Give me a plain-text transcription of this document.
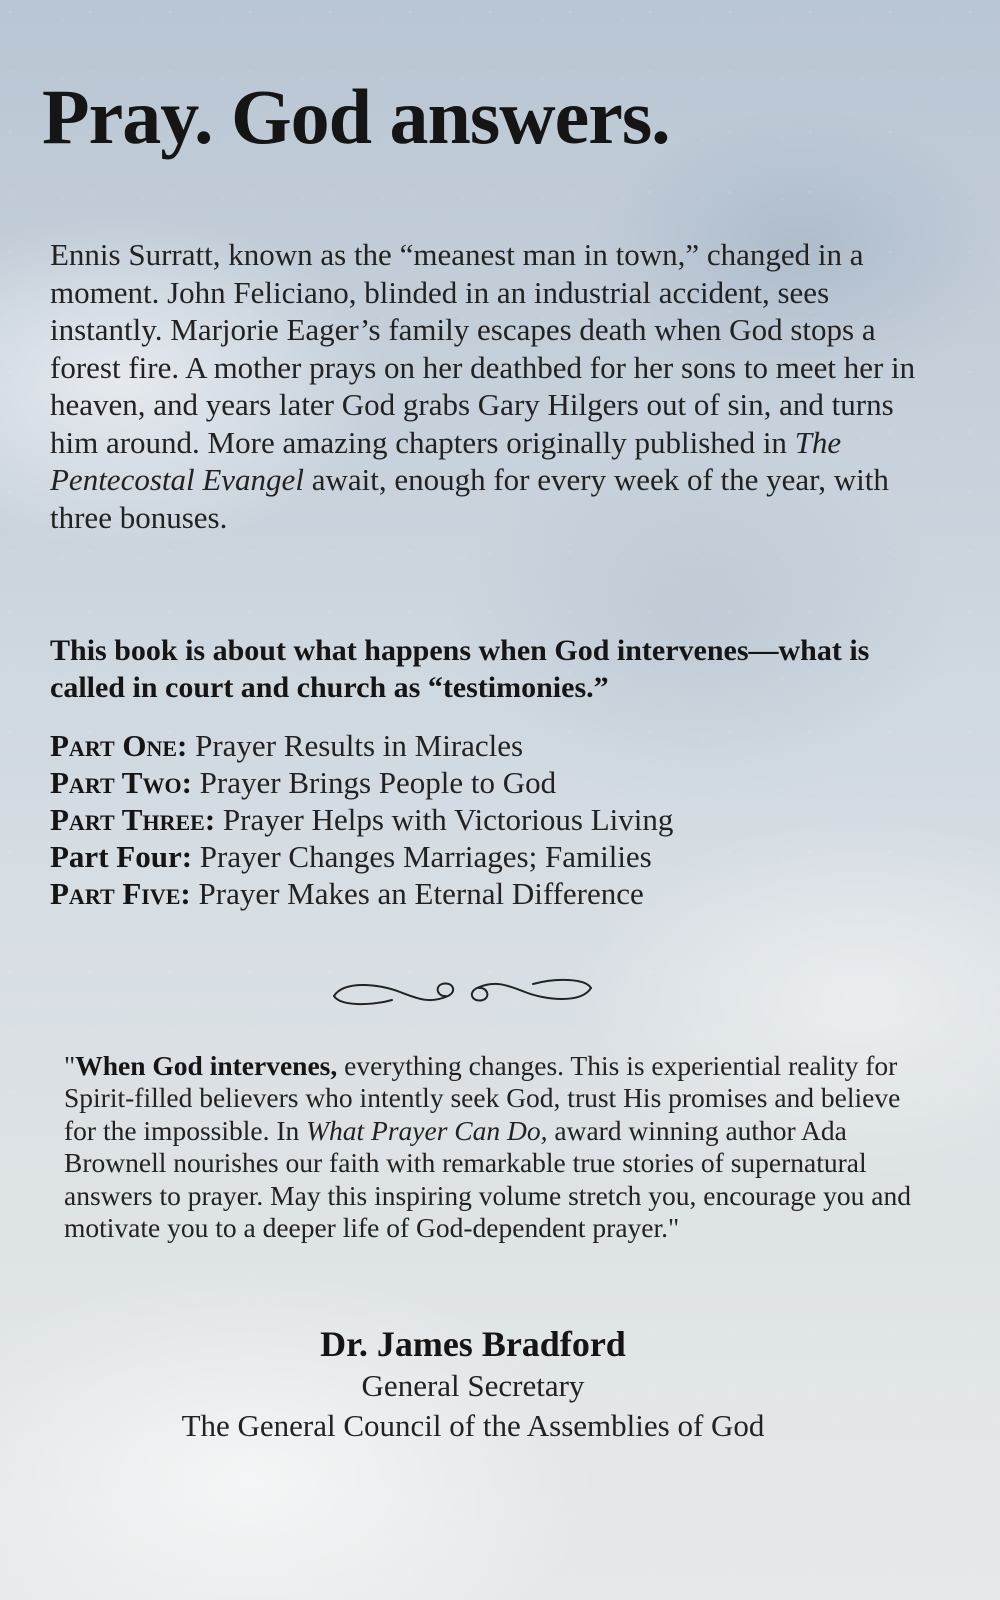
Pray. God answers.

Ennis Surratt, known as the “meanest man in town,” changed in a moment. John Feliciano, blinded in an industrial accident, sees instantly. Marjorie Eager’s family escapes death when God stops a forest fire. A mother prays on her deathbed for her sons to meet her in heaven, and years later God grabs Gary Hilgers out of sin, and turns him around. More amazing chapters originally published in The Pentecostal Evangel await, enough for every week of the year, with three bonuses.

This book is about what happens when God intervenes—what is called in court and church as “testimonies.”

Part One: Prayer Results in Miracles
Part Two: Prayer Brings People to God
Part Three: Prayer Helps with Victorious Living
Part Four: Prayer Changes Marriages; Families
Part Five: Prayer Makes an Eternal Difference

"When God intervenes, everything changes. This is experiential reality for Spirit-filled believers who intently seek God, trust His promises and believe for the impossible. In What Prayer Can Do, award winning author Ada Brownell nourishes our faith with remarkable true stories of supernatural answers to prayer. May this inspiring volume stretch you, encourage you and motivate you to a deeper life of God-dependent prayer."

Dr. James Bradford
General Secretary
The General Council of the Assemblies of God
